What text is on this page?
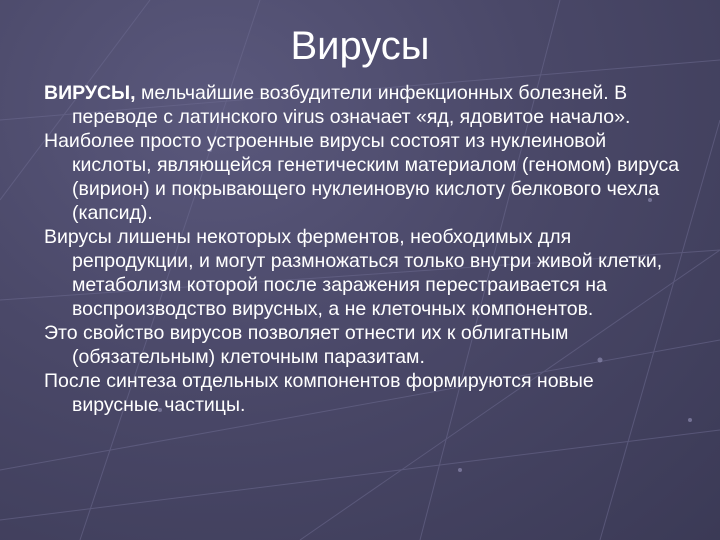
Вирусы

ВИРУСЫ, мельчайшие возбудители инфекционных болезней. В переводе с латинского virus означает «яд, ядовитое начало».

Наиболее просто устроенные вирусы состоят из нуклеиновой кислоты, являющейся генетическим материалом (геномом) вируса (вирион) и покрывающего нуклеиновую кислоту белкового чехла (капсид).

Вирусы лишены некоторых ферментов, необходимых для репродукции, и могут размножаться только внутри живой клетки, метаболизм которой после заражения перестраивается на воспроизводство вирусных, а не клеточных компонентов.

Это свойство вирусов позволяет отнести их к облигатным (обязательным) клеточным паразитам.

После синтеза отдельных компонентов формируются новые вирусные частицы.
